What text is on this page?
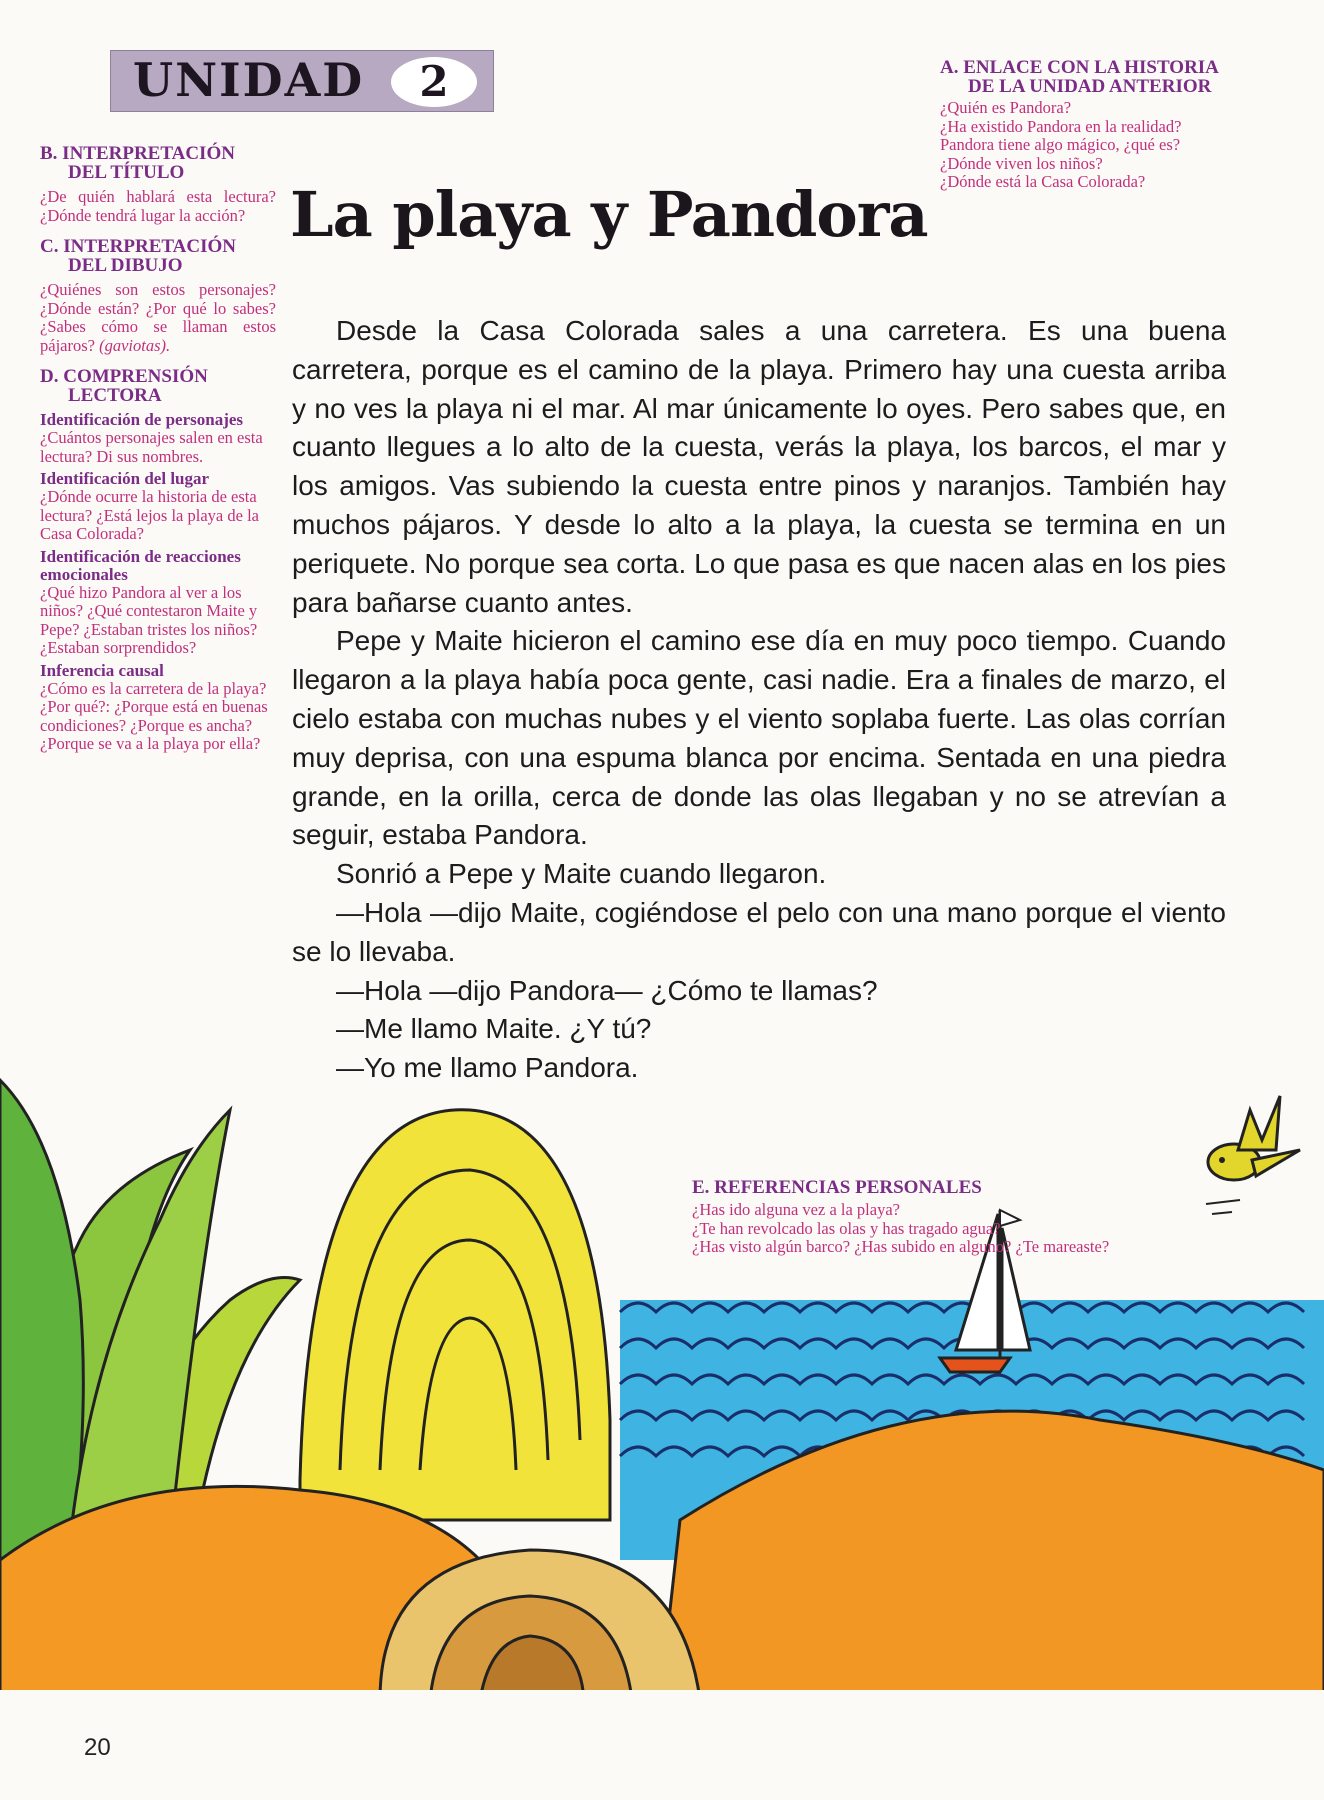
UNIDAD	2	A. ENLACE CON LA HISTORIA
DE LA UNIDAD ANTERIOR
¿Quién es Pandora?
¿Ha existido Pandora en la realidad?
Pandora tiene algo mágico, ¿qué es?
¿Dónde viven los niños?
¿Dónde está la Casa Colorada?
La playa y Pandora
B. INTERPRETACIÓN
DEL TÍTULO
¿De quién hablará esta lectura? ¿Dónde tendrá lugar la acción?
C. INTERPRETACIÓN
DEL DIBUJO
¿Quiénes son estos personajes? ¿Dónde están? ¿Por qué lo sabes? ¿Sabes cómo se llaman estos pájaros? (gaviotas).
D. COMPRENSIÓN
LECTORA
Identificación de personajes
¿Cuántos personajes salen en esta lectura? Di sus nombres.
Identificación del lugar
¿Dónde ocurre la historia de esta lectura? ¿Está lejos la playa de la Casa Colorada?
Identificación de reacciones emocionales
¿Qué hizo Pandora al ver a los niños? ¿Qué contestaron Maite y Pepe? ¿Estaban tristes los niños? ¿Estaban sorprendidos?
Inferencia causal
¿Cómo es la carretera de la playa? ¿Por qué?: ¿Porque está en buenas condiciones? ¿Porque es ancha? ¿Porque se va a la playa por ella?

Desde la Casa Colorada sales a una carretera. Es una buena carretera, porque es el camino de la playa. Primero hay una cuesta arriba y no ves la playa ni el mar. Al mar únicamente lo oyes. Pero sabes que, en cuanto llegues a lo alto de la cuesta, verás la playa, los barcos, el mar y los amigos. Vas subiendo la cuesta entre pinos y naranjos. También hay muchos pájaros. Y desde lo alto a la playa, la cuesta se termina en un periquete. No porque sea corta. Lo que pasa es que nacen alas en los pies para bañarse cuanto antes.

Pepe y Maite hicieron el camino ese día en muy poco tiempo. Cuando llegaron a la playa había poca gente, casi nadie. Era a finales de marzo, el cielo estaba con muchas nubes y el viento soplaba fuerte. Las olas corrían muy deprisa, con una espuma blanca por encima. Sentada en una piedra grande, en la orilla, cerca de donde las olas llegaban y no se atrevían a seguir, estaba Pandora.

Sonrió a Pepe y Maite cuando llegaron.

—Hola —dijo Maite, cogiéndose el pelo con una mano porque el viento se lo llevaba.

—Hola —dijo Pandora— ¿Cómo te llamas?

—Me llamo Maite. ¿Y tú?

—Yo me llamo Pandora.

E. REFERENCIAS PERSONALES
¿Has ido alguna vez a la playa?
¿Te han revolcado las olas y has tragado agua?
¿Has visto algún barco? ¿Has subido en alguno? ¿Te mareaste?
20
